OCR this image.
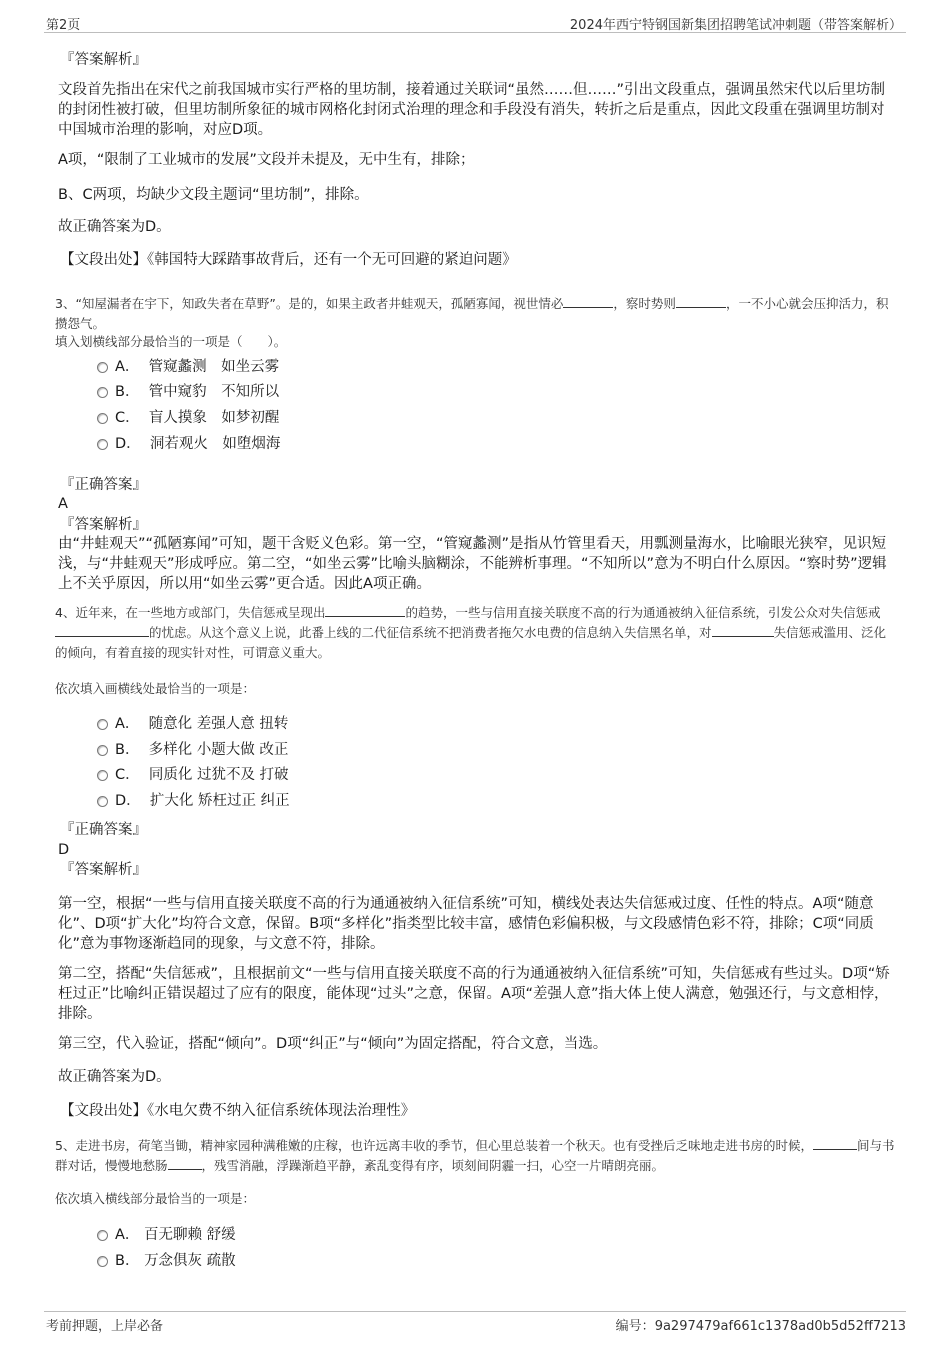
第2页	2024年西宁特钢国新集团招聘笔试冲刺题（带答案解析）
『答案解析』
文段首先指出在宋代之前我国城市实行严格的里坊制，接着通过关联词“虽然……但……”引出文段重点，强调虽然宋代以后里坊制的封闭性被打破，但里坊制所象征的城市网格化封闭式治理的理念和手段没有消失，转折之后是重点，因此文段重在强调里坊制对中国城市治理的影响，对应D项。
A项，“限制了工业城市的发展”文段并未提及，无中生有，排除；
B、C两项，均缺少文段主题词“里坊制”，排除。
故正确答案为D。
【文段出处】《韩国特大踩踏事故背后，还有一个无可回避的紧迫问题》
3、“知屋漏者在宇下，知政失者在草野”。是的，如果主政者井蛙观天，孤陋寡闻，视世情必	，察时势则	，一不小心就会压抑活力，积攒怨气。
填入划横线部分最恰当的一项是（　　）。

A． 管窥蠡测　如坐云雾

B． 管中窥豹　不知所以

C． 盲人摸象　如梦初醒

D． 洞若观火　如堕烟海

『正确答案』
A
『答案解析』
由“井蛙观天”“孤陋寡闻”可知，题干含贬义色彩。第一空，“管窥蠡测”是指从竹管里看天，用瓢测量海水，比喻眼光狭窄，见识短浅，与“井蛙观天”形成呼应。第二空，“如坐云雾”比喻头脑糊涂，不能辨析事理。“不知所以”意为不明白什么原因。“察时势”逻辑上不关乎原因，所以用“如坐云雾”更合适。因此A项正确。
4、近年来，在一些地方或部门，失信惩戒呈现出	的趋势，一些与信用直接关联度不高的行为通通被纳入征信系统，引发公众对失信惩戒的忧虑。从这个意义上说，此番上线的二代征信系统不把消费者拖欠水电费的信息纳入失信黑名单，对	失信惩戒滥用、泛化的倾向，有着直接的现实针对性，可谓意义重大。
依次填入画横线处最恰当的一项是：

A． 随意化 差强人意 扭转

B． 多样化 小题大做 改正

C． 同质化 过犹不及 打破

D． 扩大化 矫枉过正 纠正

『正确答案』
D
『答案解析』
第一空，根据“一些与信用直接关联度不高的行为通通被纳入征信系统”可知，横线处表达失信惩戒过度、任性的特点。A项“随意化”、D项“扩大化”均符合文意，保留。B项“多样化”指类型比较丰富，感情色彩偏积极，与文段感情色彩不符，排除；C项“同质化”意为事物逐渐趋同的现象，与文意不符，排除。
第二空，搭配“失信惩戒”，且根据前文“一些与信用直接关联度不高的行为通通被纳入征信系统”可知，失信惩戒有些过头。D项“矫枉过正”比喻纠正错误超过了应有的限度，能体现“过头”之意，保留。A项“差强人意”指大体上使人满意，勉强还行，与文意相悖，排除。
第三空，代入验证，搭配“倾向”。D项“纠正”与“倾向”为固定搭配，符合文意，当选。
故正确答案为D。
【文段出处】《水电欠费不纳入征信系统体现法治理性》
5、走进书房，荷笔当锄，精神家园种满稚嫩的庄稼，也许远离丰收的季节，但心里总装着一个秋天。也有受挫后乏味地走进书房的时候，	间与书群对话，慢慢地愁肠	，残雪消融，浮躁渐趋平静，紊乱变得有序，顷刻间阴霾一扫，心空一片晴朗亮丽。
依次填入横线部分最恰当的一项是：

A． 百无聊赖 舒缓

B． 万念俱灰 疏散

考前押题，上岸必备	编号：9a297479af661c1378ad0b5d52ff7213
